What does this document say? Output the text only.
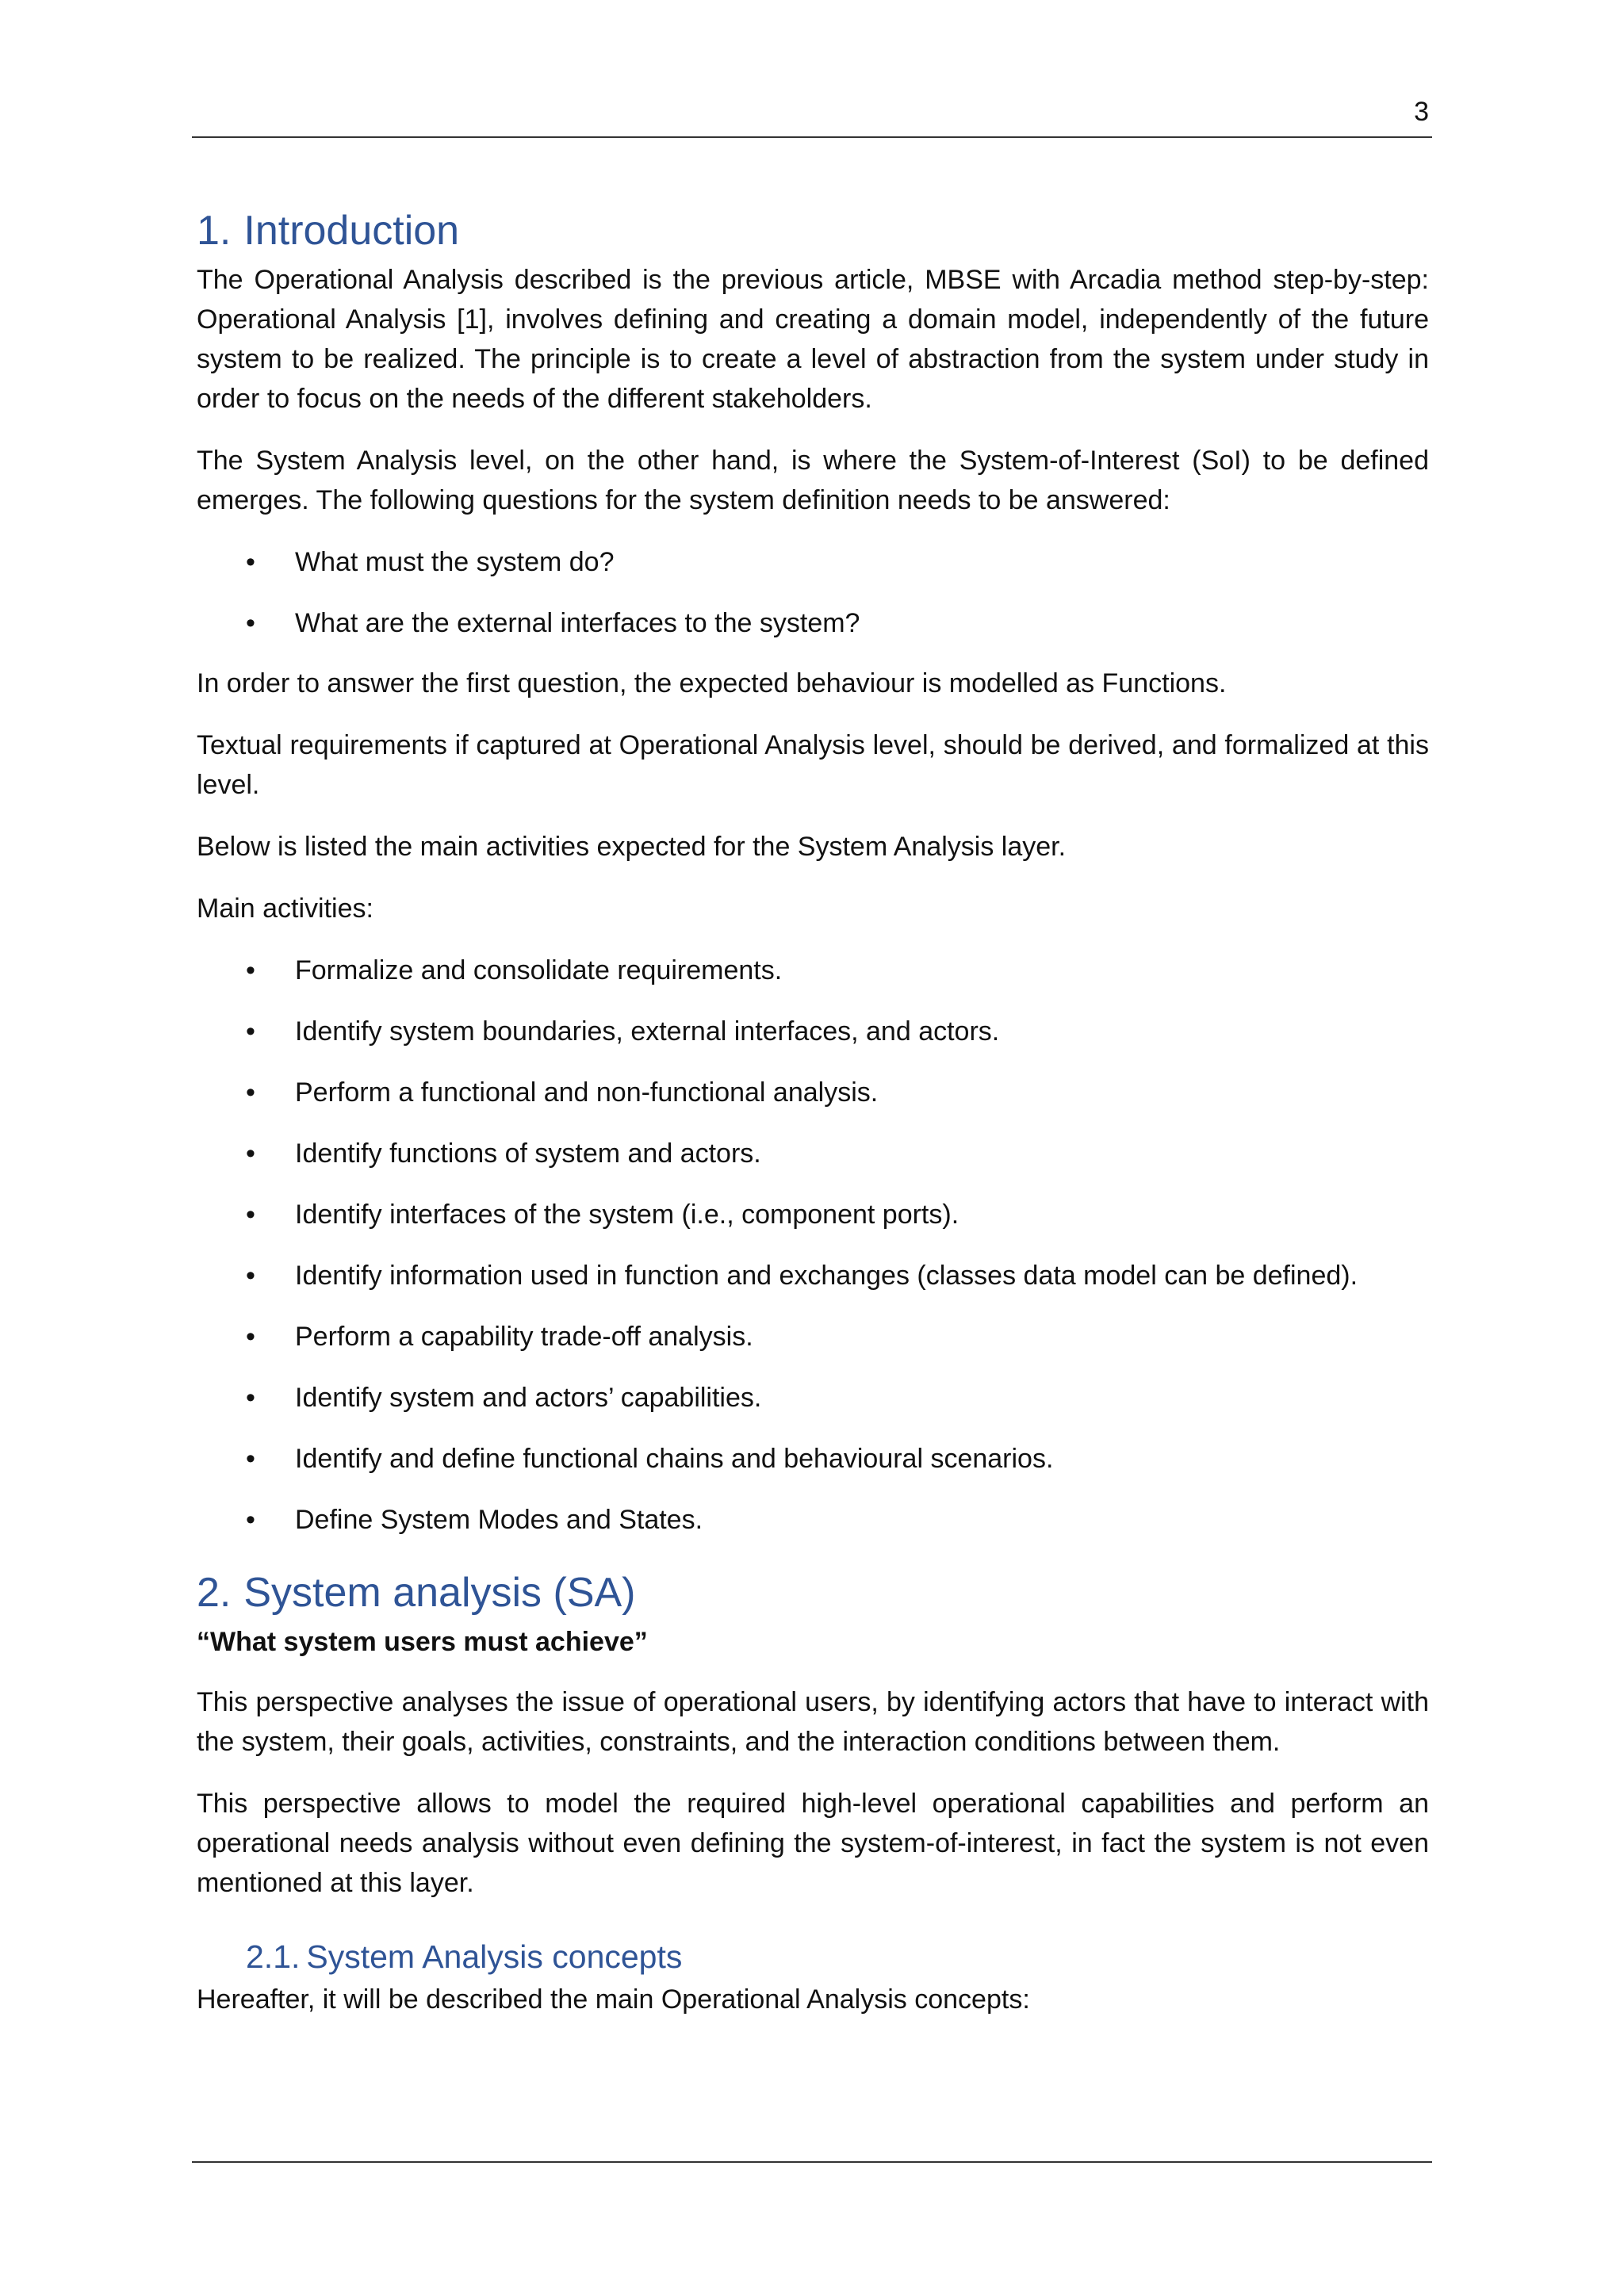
3
1. Introduction

The Operational Analysis described is the previous article, MBSE with Arcadia method step-by-step: Operational Analysis [1], involves defining and creating a domain model, independently of the future system to be realized. The principle is to create a level of abstraction from the system under study in order to focus on the needs of the different stakeholders.

The System Analysis level, on the other hand, is where the System-of-Interest (SoI) to be defined emerges. The following questions for the system definition needs to be answered:

• What must the system do?
• What are the external interfaces to the system?

In order to answer the first question, the expected behaviour is modelled as Functions.

Textual requirements if captured at Operational Analysis level, should be derived, and formalized at this level.

Below is listed the main activities expected for the System Analysis layer.

Main activities:

• Formalize and consolidate requirements.
• Identify system boundaries, external interfaces, and actors.
• Perform a functional and non-functional analysis.
• Identify functions of system and actors.
• Identify interfaces of the system (i.e., component ports).
• Identify information used in function and exchanges (classes data model can be defined).
• Perform a capability trade-off analysis.
• Identify system and actors’ capabilities.
• Identify and define functional chains and behavioural scenarios.
• Define System Modes and States.
2. System analysis (SA)

“What system users must achieve”

This perspective analyses the issue of operational users, by identifying actors that have to interact with the system, their goals, activities, constraints, and the interaction conditions between them.

This perspective allows to model the required high-level operational capabilities and perform an operational needs analysis without even defining the system-of-interest, in fact the system is not even mentioned at this layer.

2.1. System Analysis concepts

Hereafter, it will be described the main Operational Analysis concepts:
